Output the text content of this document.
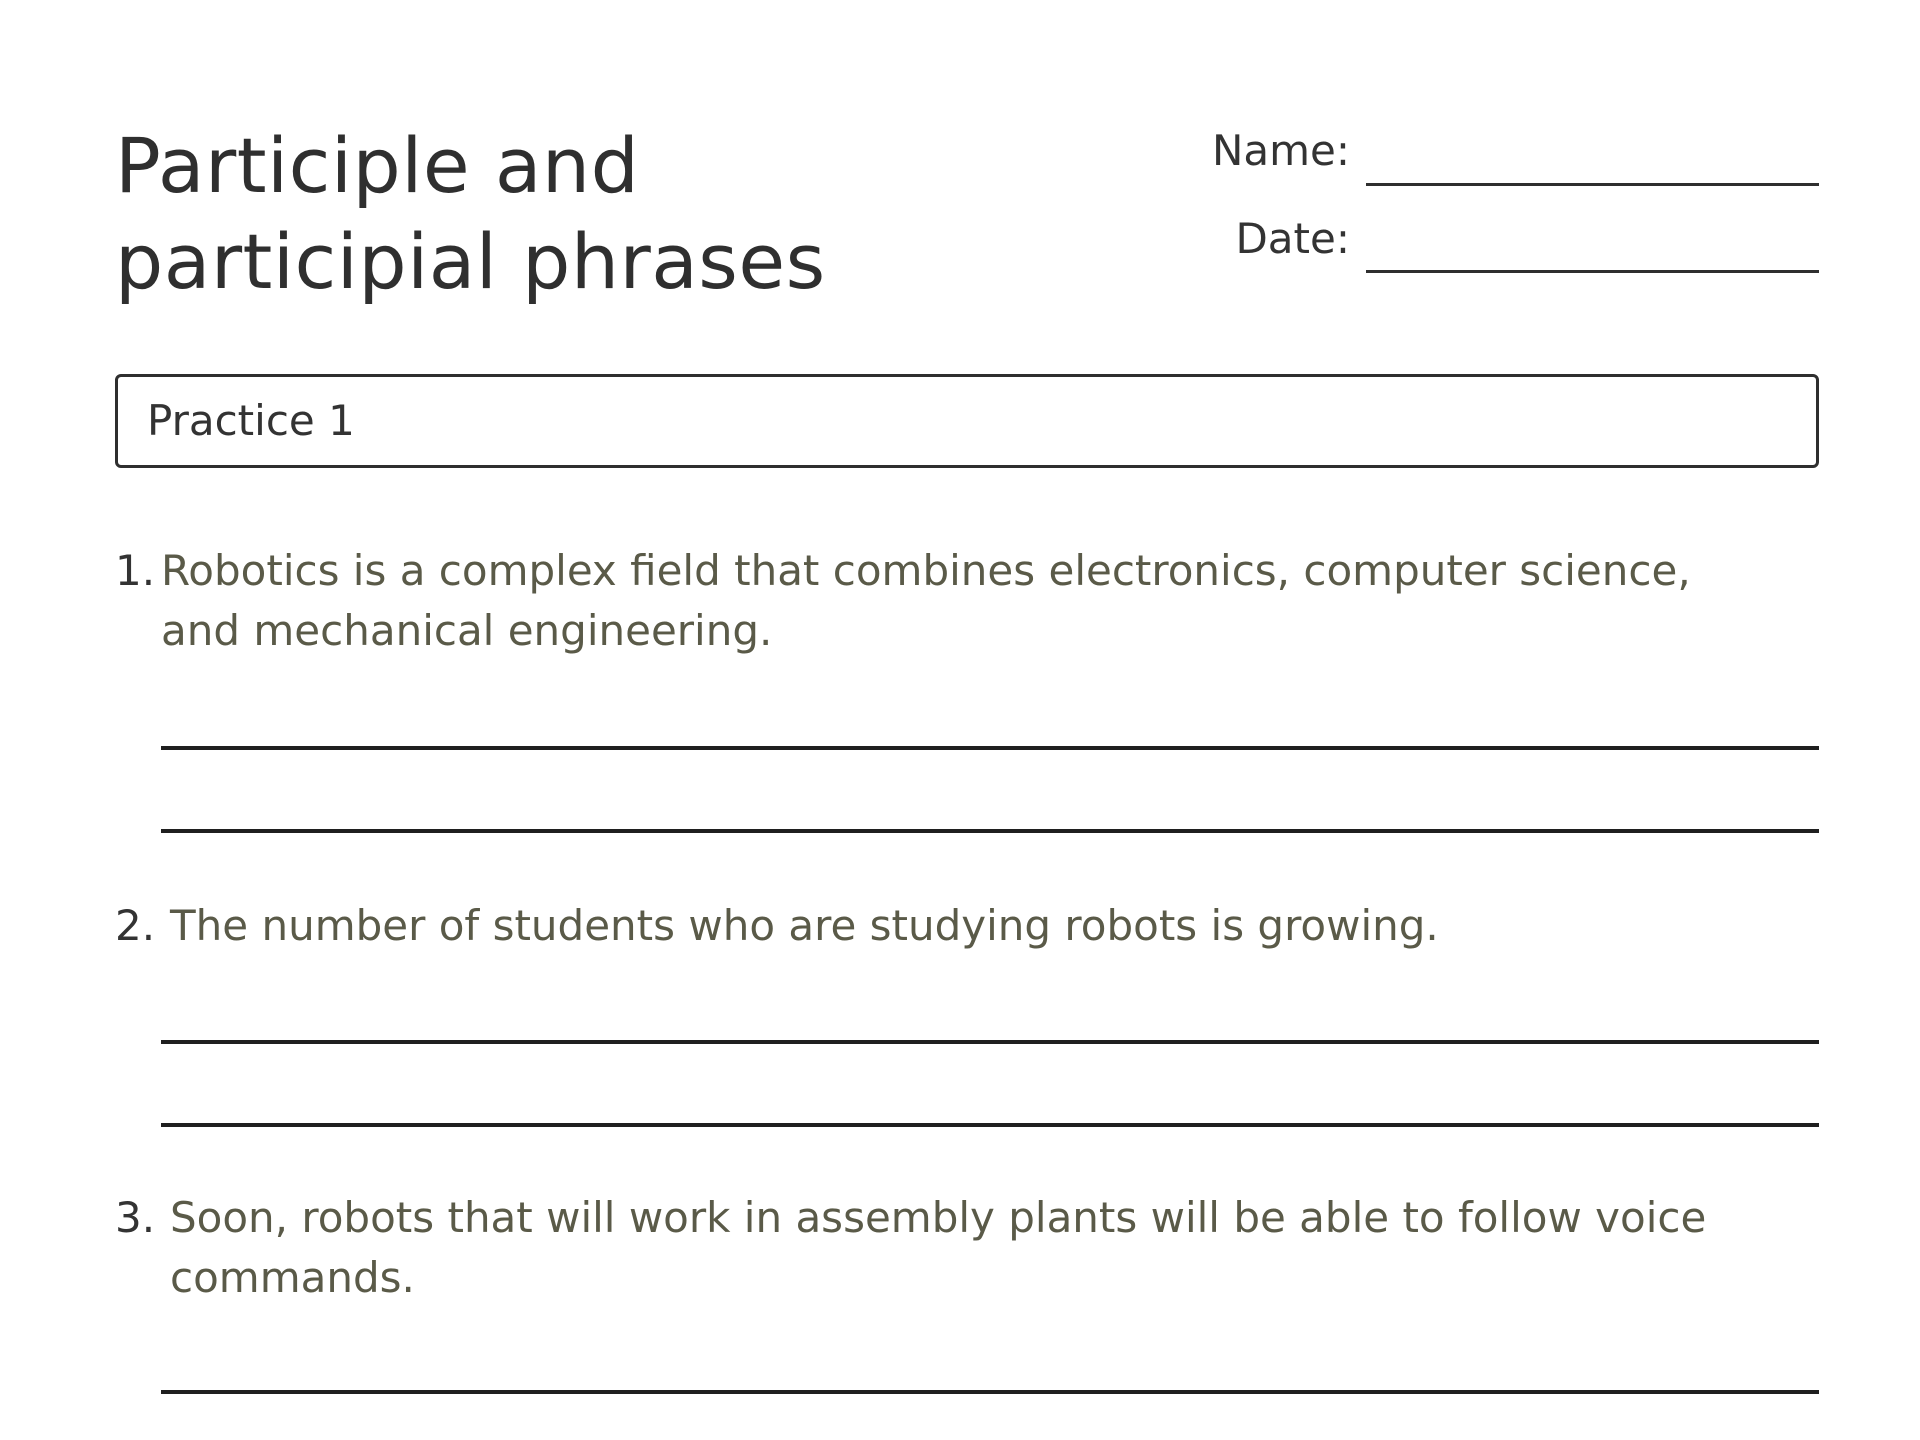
Participle and participial phrases
Name:
Date:
Practice 1
1. Robotics is a complex field that combines electronics, computer science, and mechanical engineering.
2. The number of students who are studying robots is growing.
3. Soon, robots that will work in assembly plants will be able to follow voice commands.
